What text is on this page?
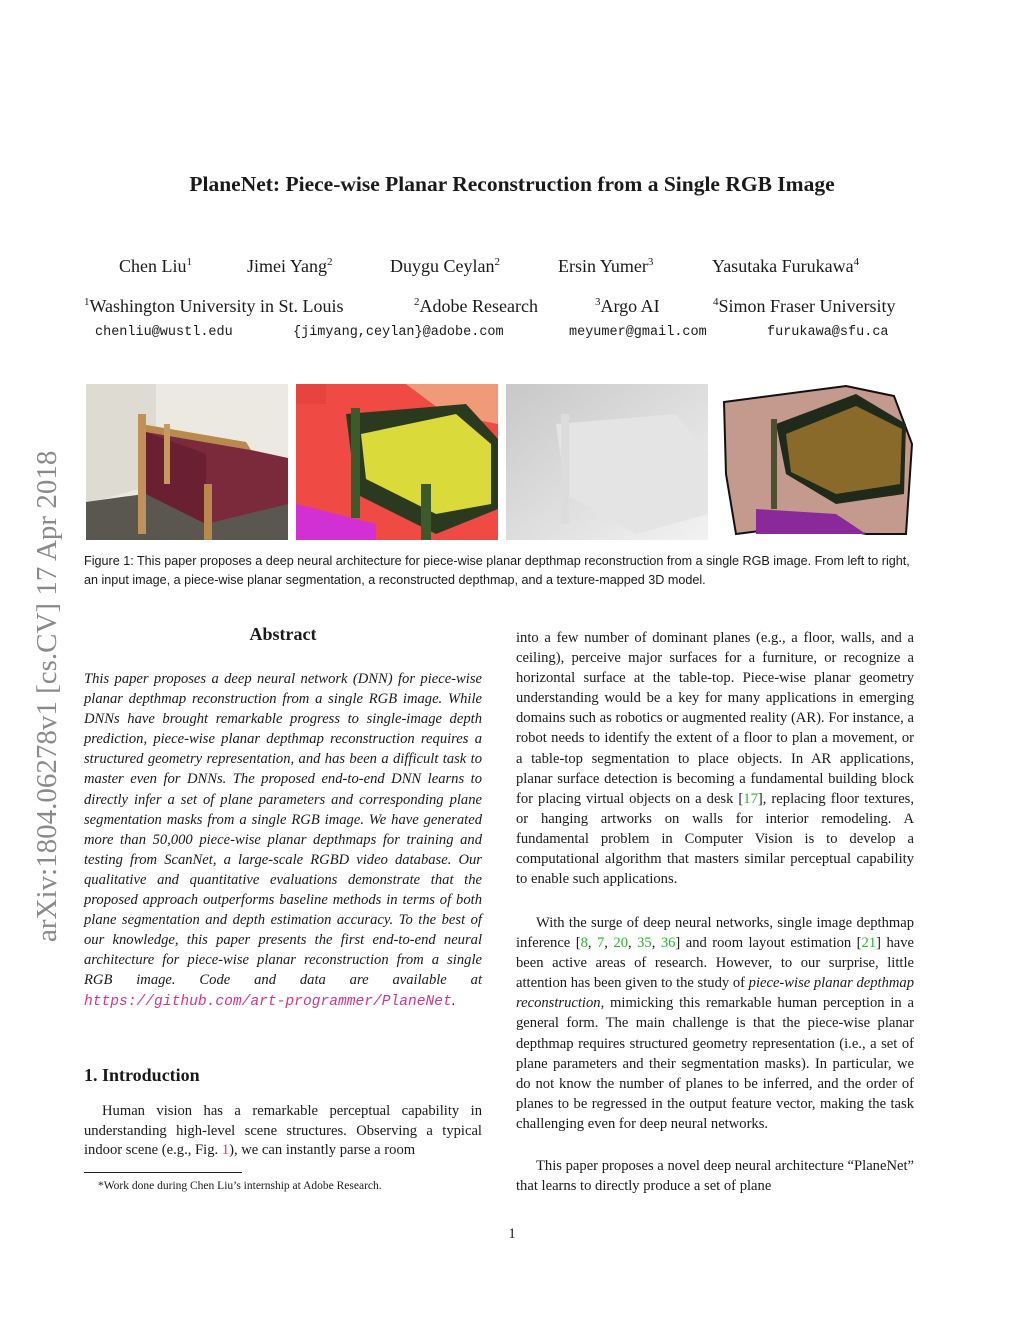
arXiv:1804.06278v1 [cs.CV] 17 Apr 2018
PlaneNet: Piece-wise Planar Reconstruction from a Single RGB Image
Chen Liu$^1$	Jimei Yang$^2$	Duygu Ceylan$^2$	Ersin Yumer$^3$	Yasutaka Furukawa$^4$
$^1$Washington University in St. Louis	$^2$Adobe Research	$^3$Argo AI	$^4$Simon Fraser University
chenliu@wustl.edu	{jimyang,ceylan}@adobe.com	meyumer@gmail.com	furukawa@sfu.ca
Figure 1: This paper proposes a deep neural architecture for piece-wise planar depthmap reconstruction from a single RGB image. From left to right, an input image, a piece-wise planar segmentation, a reconstructed depthmap, and a texture-mapped 3D model.
Abstract
This paper proposes a deep neural network (DNN) for piece-wise planar depthmap reconstruction from a single RGB image. While DNNs have brought remarkable progress to single-image depth prediction, piece-wise planar depthmap reconstruction requires a structured geometry representation, and has been a difficult task to master even for DNNs. The proposed end-to-end DNN learns to directly infer a set of plane parameters and corresponding plane segmentation masks from a single RGB image. We have generated more than 50,000 piece-wise planar depthmaps for training and testing from ScanNet, a large-scale RGBD video database. Our qualitative and quantitative evaluations demonstrate that the proposed approach outperforms baseline methods in terms of both plane segmentation and depth estimation accuracy. To the best of our knowledge, this paper presents the first end-to-end neural architecture for piece-wise planar reconstruction from a single RGB image. Code and data are available at https://github.com/art-programmer/PlaneNet.
1. Introduction
Human vision has a remarkable perceptual capability in understanding high-level scene structures. Observing a typical indoor scene (e.g., Fig. 1), we can instantly parse a room
*Work done during Chen Liu’s internship at Adobe Research.
into a few number of dominant planes (e.g., a floor, walls, and a ceiling), perceive major surfaces for a furniture, or recognize a horizontal surface at the table-top. Piece-wise planar geometry understanding would be a key for many applications in emerging domains such as robotics or augmented reality (AR). For instance, a robot needs to identify the extent of a floor to plan a movement, or a table-top segmentation to place objects. In AR applications, planar surface detection is becoming a fundamental building block for placing virtual objects on a desk [17], replacing floor textures, or hanging artworks on walls for interior remodeling. A fundamental problem in Computer Vision is to develop a computational algorithm that masters similar perceptual capability to enable such applications.
With the surge of deep neural networks, single image depthmap inference [8, 7, 20, 35, 36] and room layout estimation [21] have been active areas of research. However, to our surprise, little attention has been given to the study of piece-wise planar depthmap reconstruction, mimicking this remarkable human perception in a general form. The main challenge is that the piece-wise planar depthmap requires structured geometry representation (i.e., a set of plane parameters and their segmentation masks). In particular, we do not know the number of planes to be inferred, and the order of planes to be regressed in the output feature vector, making the task challenging even for deep neural networks.
This paper proposes a novel deep neural architecture “PlaneNet” that learns to directly produce a set of plane
1
